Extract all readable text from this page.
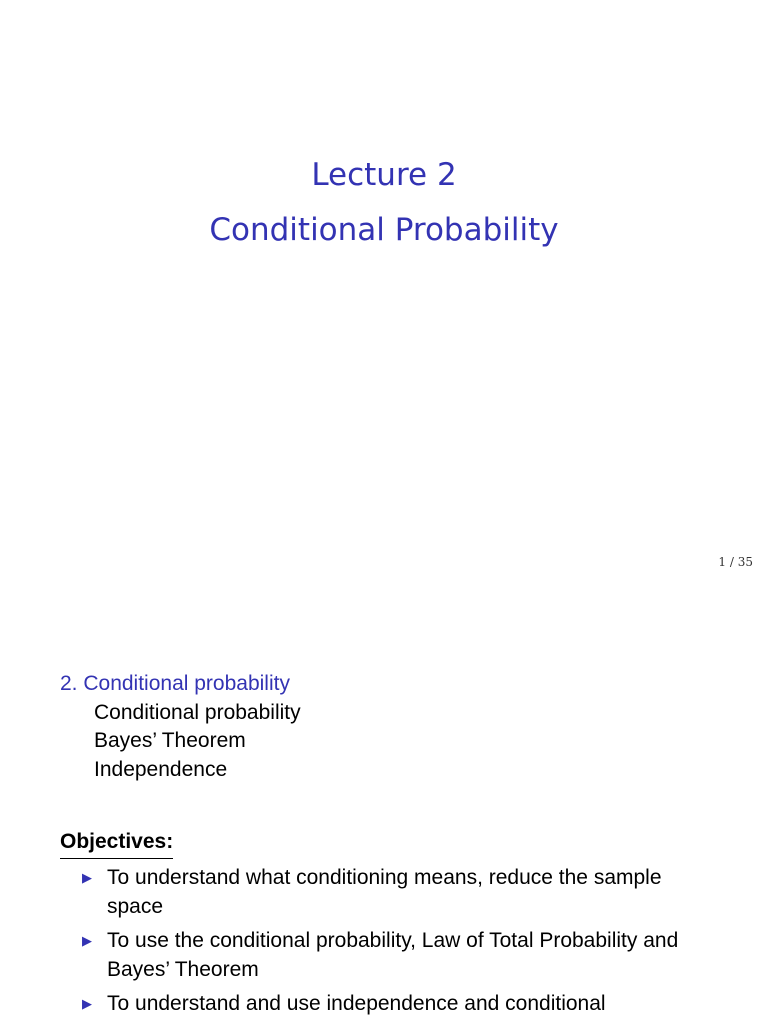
Lecture 2
Conditional Probability
1 / 35
2. Conditional probability
Conditional probability
Bayes’ Theorem
Independence
Objectives:
▶ To understand what conditioning means, reduce the sample space
▶ To use the conditional probability, Law of Total Probability and Bayes’ Theorem
▶ To understand and use independence and conditional
